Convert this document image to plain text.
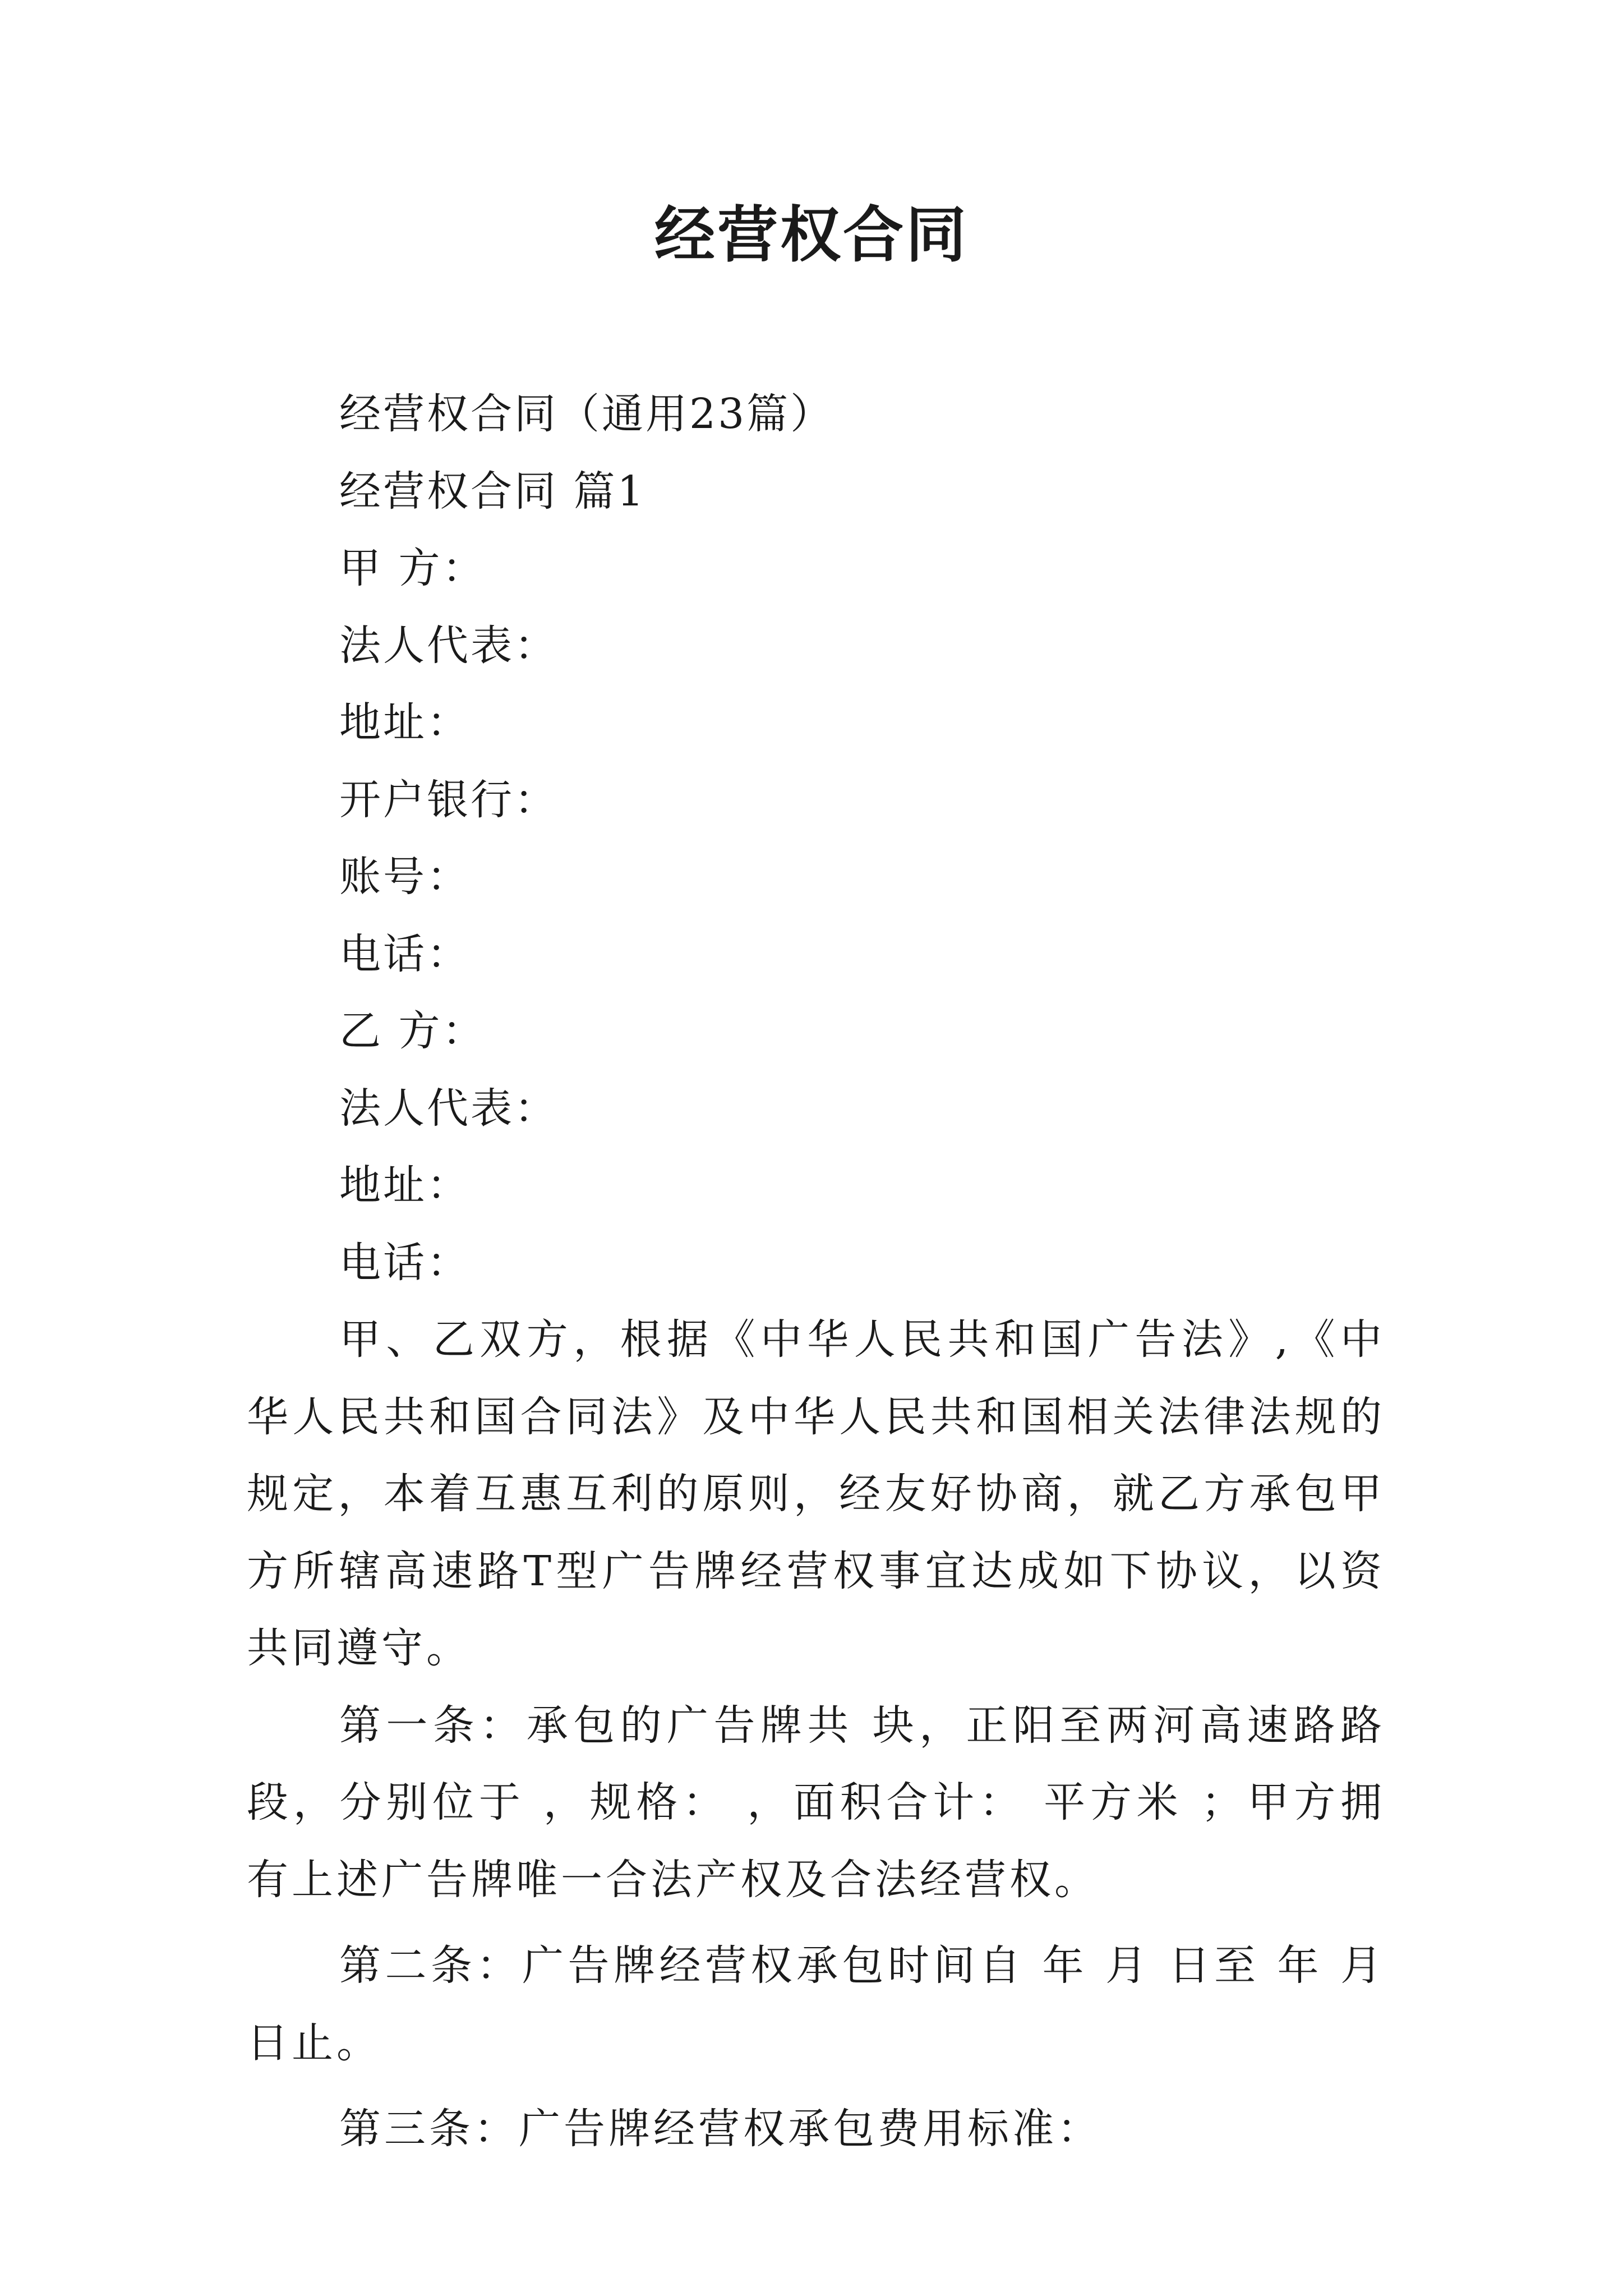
经营权合同

经营权合同（通用23篇）

经营权合同 篇1

甲 方：

法人代表：

地址：

开户银行：

账号：

电话：

乙 方：

法人代表：

地址：

电话：

甲、乙双方，根据《中华人民共和国广告法》,《中华人民共和国合同法》及中华人民共和国相关法律法规的规定，本着互惠互利的原则，经友好协商，就乙方承包甲方所辖高速路T型广告牌经营权事宜达成如下协议，以资共同遵守。

第一条：承包的广告牌共 块，正阳至两河高速路路段，分别位于 ，规格： ，面积合计： 平方米 ；甲方拥有上述广告牌唯一合法产权及合法经营权。

第二条：广告牌经营权承包时间自 年 月 日至 年 月 日止。

第三条：广告牌经营权承包费用标准：
